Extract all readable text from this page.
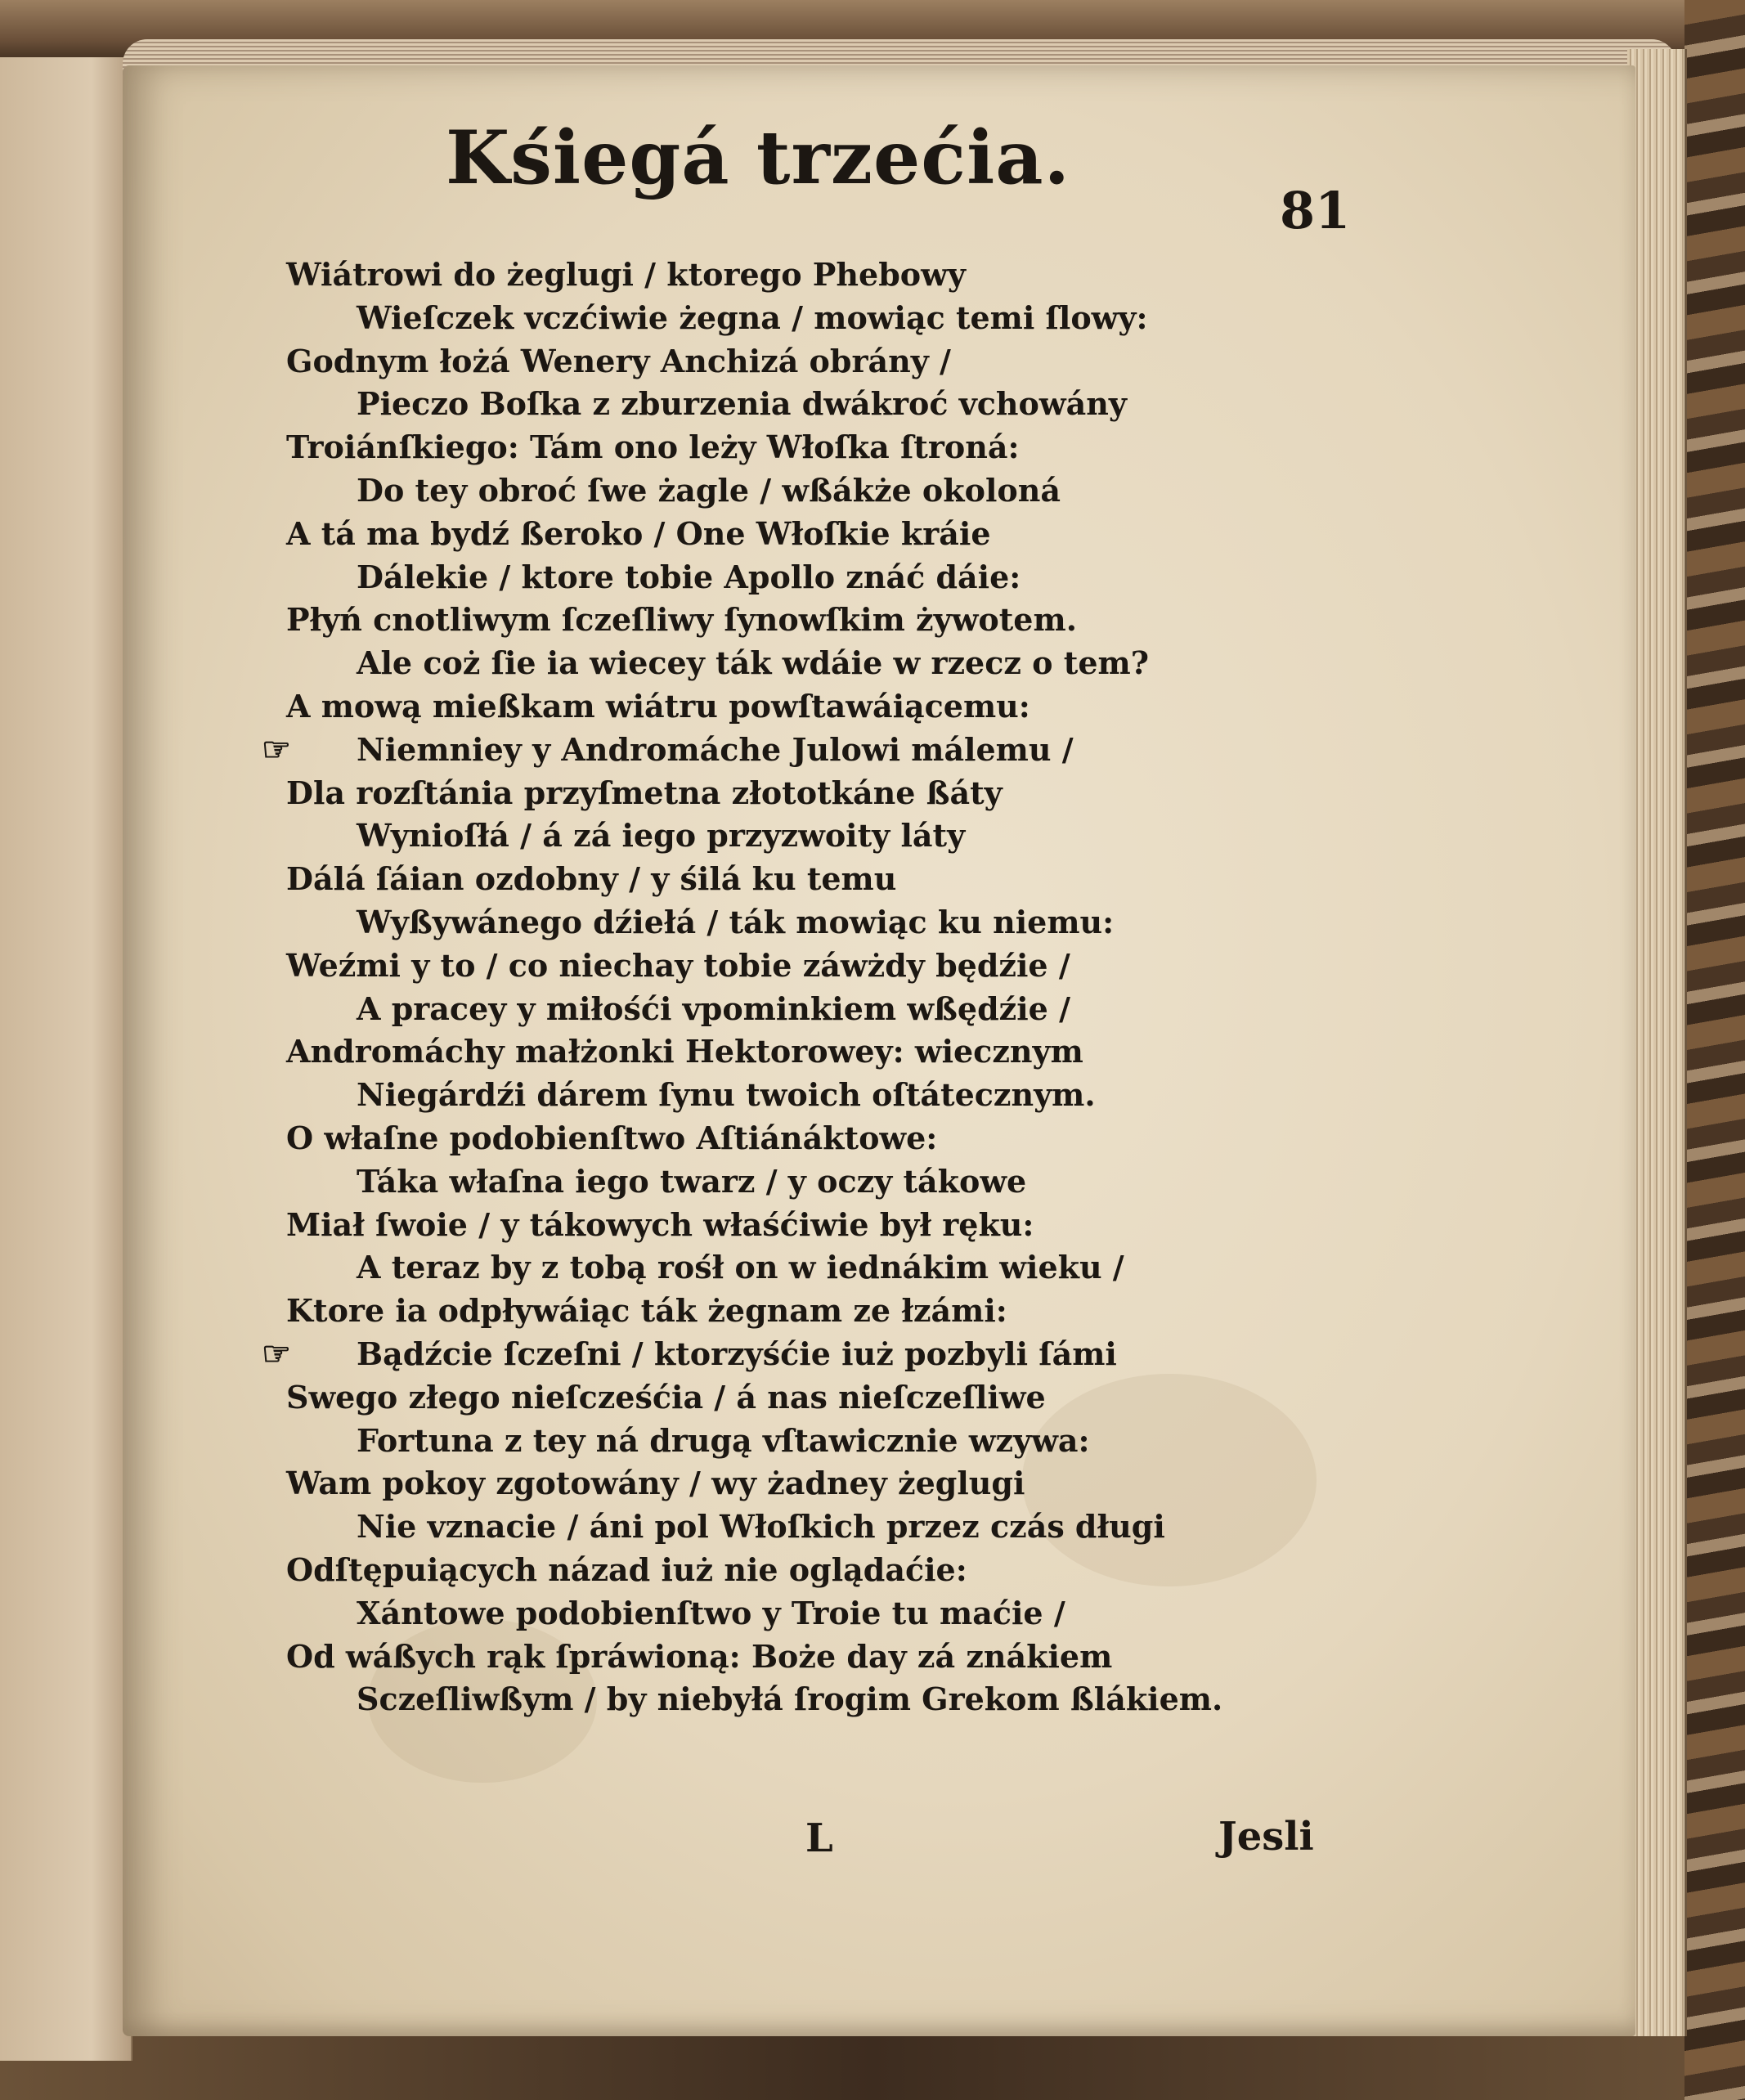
Kśiegá trzećia.
81
Wiátrowi do żeglugi / ktorego Phebowy
Wieſczek vczćiwie żegna / mowiąc temi ſlowy:
Godnym łożá Wenery Anchizá obrány /
Pieczo Boſka z zburzenia dwákroć vchowány
Troiánſkiego: Tám ono leży Włoſka ſtroná:
Do tey obroć ſwe żagle / wßákże okoloná
A tá ma bydź ßeroko / One Włoſkie kráie
Dálekie / ktore tobie Apollo znáć dáie:
Płyń cnotliwym ſczeſliwy ſynowſkim żywotem.
Ale coż ſie ia wiecey ták wdáie w rzecz o tem?
A mową mießkam wiátru powſtawáiącemu:
☞ Niemniey y Andromáche Julowi málemu /
Dla rozſtánia przyſmetna złototkáne ßáty
Wynioſłá / á zá iego przyzwoity láty
Dálá ſáian ozdobny / y śilá ku temu
Wyßywánego dźiełá / ták mowiąc ku niemu:
Weźmi y to / co niechay tobie záwżdy będźie /
A pracey y miłośći vpominkiem wßędźie /
Andromáchy małżonki Hektorowey: wiecznym
Niegárdźi dárem ſynu twoich oſtátecznym.
O właſne podobienſtwo Aſtiánáktowe:
Táka właſna iego twarz / y oczy tákowe
Miał ſwoie / y tákowych właśćiwie był ręku:
A teraz by z tobą rośł on w iednákim wieku /
Ktore ia odpływáiąc ták żegnam ze łzámi:
☞ Bądźcie ſczeſni / ktorzyśćie iuż pozbyli ſámi
Swego złego nieſcześćia / á nas nieſczeſliwe
Fortuna z tey ná drugą vſtawicznie wzywa:
Wam pokoy zgotowány / wy żadney żeglugi
Nie vznacie / áni pol Włoſkich przez czás długi
Odſtępuiących názad iuż nie oglądaćie:
Xántowe podobienſtwo y Troie tu maćie /
Od wáßych rąk ſpráwioną: Boże day zá znákiem
Sczeſliwßym / by niebyłá ſrogim Grekom ßlákiem.
L	Jesli
